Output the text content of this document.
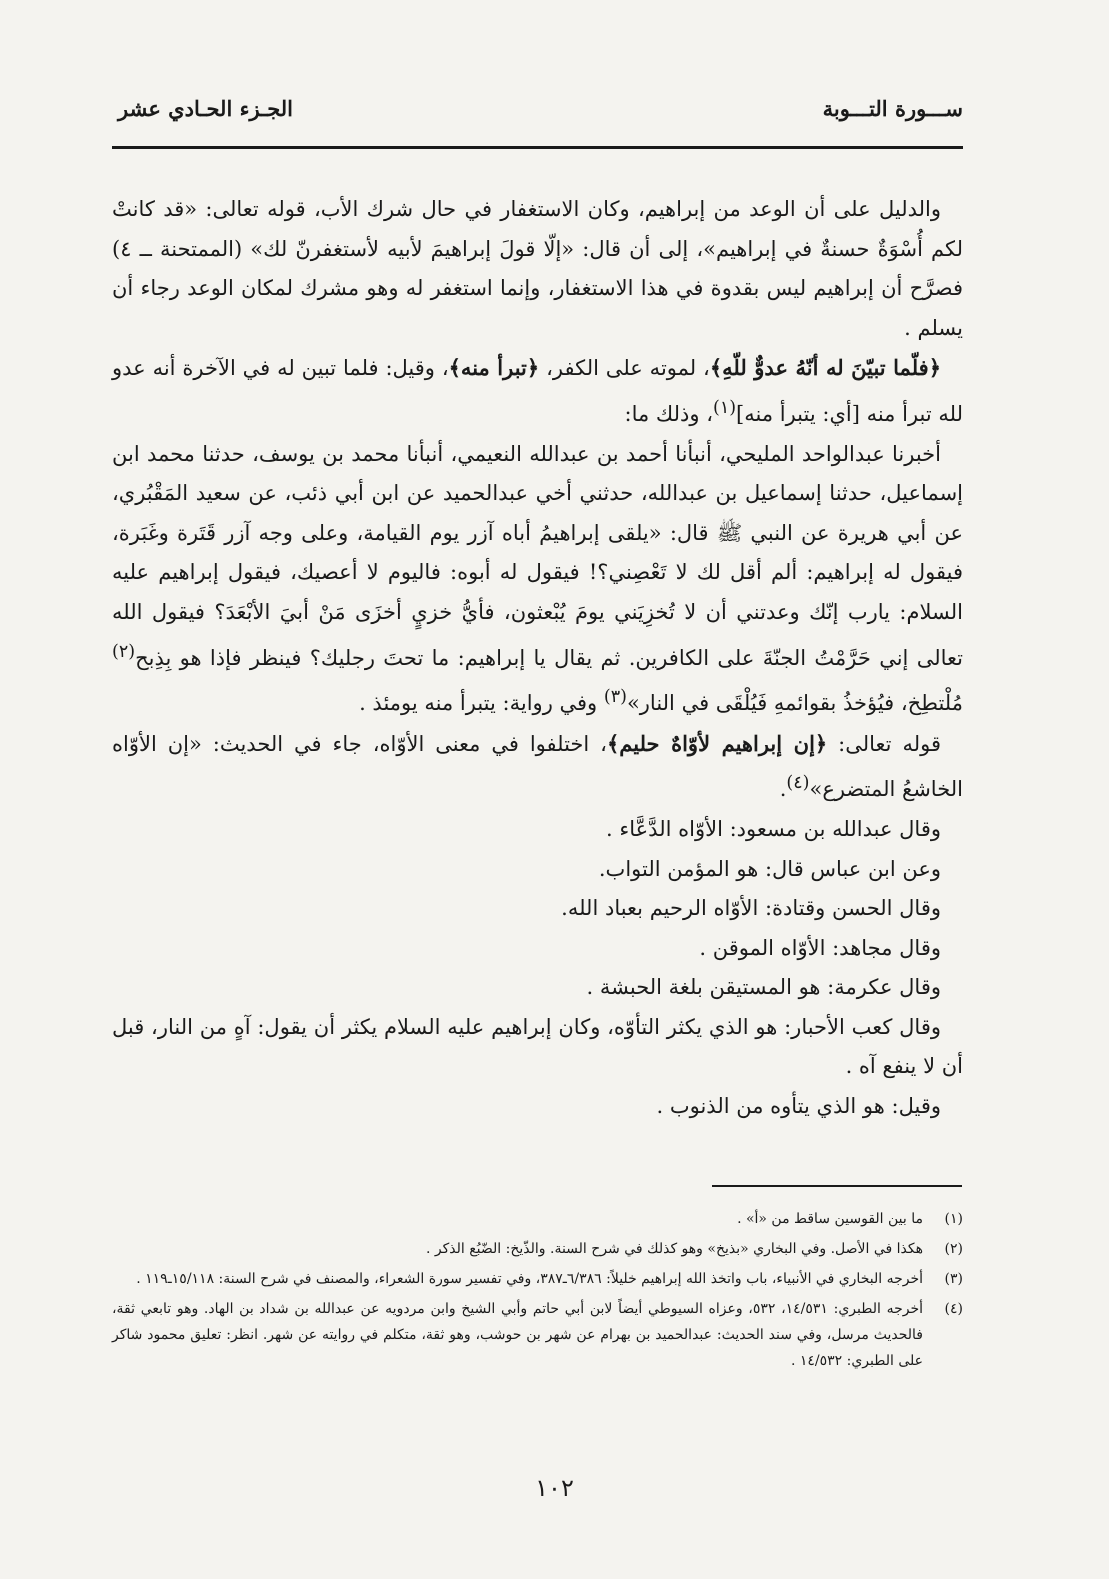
ســـورة التـــوبة
الجـزء الحـادي عشر

والدليل على أن الوعد من إبراهيم، وكان الاستغفار في حال شرك الأب، قوله تعالى: «قد كانتْ لكم أُسْوَةٌ حسنةٌ في إبراهيم»، إلى أن قال: «إلّا قولَ إبراهيمَ لأبيه لأستغفرنّ لك» (الممتحنة ــ ٤) فصرَّح أن إبراهيم ليس بقدوة في هذا الاستغفار، وإنما استغفر له وهو مشرك لمكان الوعد رجاء أن يسلم .

﴿فلّما تبيّنَ له أنّهُ عدوٌّ للّهِ﴾، لموته على الكفر، ﴿تبرأ منه﴾، وقيل: فلما تبين له في الآخرة أنه عدو لله تبرأ منه [أي: يتبرأ منه]$^{(١)}$، وذلك ما:

أخبرنا عبدالواحد المليحي، أنبأنا أحمد بن عبدالله النعيمي، أنبأنا محمد بن يوسف، حدثنا محمد ابن إسماعيل، حدثنا إسماعيل بن عبدالله، حدثني أخي عبدالحميد عن ابن أبي ذئب، عن سعيد المَقْبُري، عن أبي هريرة عن النبي ﷺ قال: «يلقى إبراهيمُ أباه آزر يوم القيامة، وعلى وجه آزر قَتَرة وغَبَرة، فيقول له إبراهيم: ألم أقل لك لا تَعْصِني؟! فيقول له أبوه: فاليوم لا أعصيك، فيقول إبراهيم عليه السلام: يارب إنّك وعدتني أن لا تُخزِيَني يومَ يُبْعثون، فأيُّ خزيٍ أخزَى مَنْ أبيَ الأبْعَدَ؟ فيقول الله تعالى إني حَرَّمْتُ الجنّةَ على الكافرين. ثم يقال يا إبراهيم: ما تحتَ رجليك؟ فينظر فإذا هو بِذِبح$^{(٢)}$ مُلْتطِخ، فيُؤخذُ بقوائمهِ فَيُلْقَى في النار»$^{(٣)}$ وفي رواية: يتبرأ منه يومئذ .

قوله تعالى: ﴿إن إبراهيم لأوّاهٌ حليم﴾، اختلفوا في معنى الأوّاه، جاء في الحديث: «إن الأوّاه الخاشعُ المتضرع»$^{(٤)}$.

وقال عبدالله بن مسعود: الأوّاه الدَّعَّاء .

وعن ابن عباس قال: هو المؤمن التواب.

وقال الحسن وقتادة: الأوّاه الرحيم بعباد الله.

وقال مجاهد: الأوّاه الموقن .

وقال عكرمة: هو المستيقن بلغة الحبشة .

وقال كعب الأحبار: هو الذي يكثر التأوّه، وكان إبراهيم عليه السلام يكثر أن يقول: آهٍ من النار، قبل أن لا ينفع آه .

وقيل: هو الذي يتأوه من الذنوب .

(١)
ما بين القوسين ساقط من «أ» .
(٢)
هكذا في الأصل. وفي البخاري «بذيخ» وهو كذلك في شرح السنة. والذّيخ: الضّبُع الذكر .
(٣)
أخرجه البخاري في الأنبياء، باب واتخذ الله إبراهيم خليلاً: ٦/٣٨٦ـ٣٨٧، وفي تفسير سورة الشعراء، والمصنف في شرح السنة: ١٥/١١٨ـ١١٩ .
(٤)
أخرجه الطبري: ١٤/٥٣١، ٥٣٢، وعزاه السيوطي أيضاً لابن أبي حاتم وأبي الشيخ وابن مردويه عن عبدالله بن شداد بن الهاد. وهو تابعي ثقة، فالحديث مرسل، وفي سند الحديث: عبدالحميد بن بهرام عن شهر بن حوشب، وهو ثقة، متكلم في روايته عن شهر. انظر: تعليق محمود شاكر على الطبري: ١٤/٥٣٢ .
١٠٢
